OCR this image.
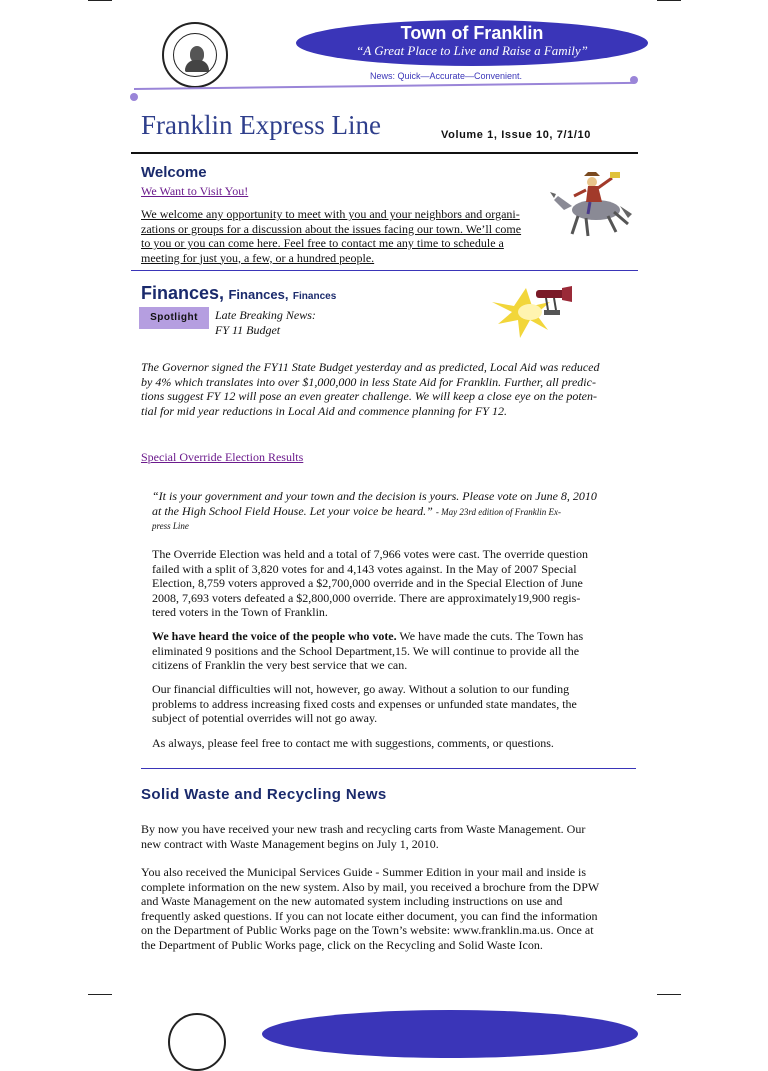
Town of Franklin
“A Great Place to Live and Raise a Family”
News: Quick—Accurate—Convenient.
Franklin Express Line	Volume 1, Issue 10, 7/1/10
Welcome
We Want to Visit You!
We welcome any opportunity to meet with you and your neighbors and organi-
zations or groups for a discussion about the issues facing our town. We’ll come
to you or you can come here. Feel free to contact me any time to schedule a
meeting for just you, a few, or a hundred people.
Finances, Finances, Finances
Spotlight	Late Breaking News:
FY 11 Budget
The Governor signed the FY11 State Budget yesterday and as predicted, Local Aid was reduced
by 4% which translates into over $1,000,000 in less State Aid for Franklin. Further, all predic-
tions suggest FY 12 will pose an even greater challenge. We will keep a close eye on the poten-
tial for mid year reductions in Local Aid and commence planning for FY 12.
Special Override Election Results
“It is your government and your town and the decision is yours. Please vote on June 8, 2010
at the High School Field House. Let your voice be heard.” - May 23rd edition of Franklin Ex-
press Line
The Override Election was held and a total of 7,966 votes were cast. The override question
failed with a split of 3,820 votes for and 4,143 votes against. In the May of 2007 Special
Election, 8,759 voters approved a $2,700,000 override and in the Special Election of June
2008, 7,693 voters defeated a $2,800,000 override. There are approximately19,900 regis-
tered voters in the Town of Franklin.
We have heard the voice of the people who vote. We have made the cuts. The Town has
eliminated 9 positions and the School Department,15. We will continue to provide all the
citizens of Franklin the very best service that we can.
Our financial difficulties will not, however, go away. Without a solution to our funding
problems to address increasing fixed costs and expenses or unfunded state mandates, the
subject of potential overrides will not go away.
As always, please feel free to contact me with suggestions, comments, or questions.
Solid Waste and Recycling News
By now you have received your new trash and recycling carts from Waste Management. Our
new contract with Waste Management begins on July 1, 2010.
You also received the Municipal Services Guide - Summer Edition in your mail and inside is
complete information on the new system. Also by mail, you received a brochure from the DPW
and Waste Management on the new automated system including instructions on use and
frequently asked questions. If you can not locate either document, you can find the information
on the Department of Public Works page on the Town’s website: www.franklin.ma.us. Once at
the Department of Public Works page, click on the Recycling and Solid Waste Icon.
